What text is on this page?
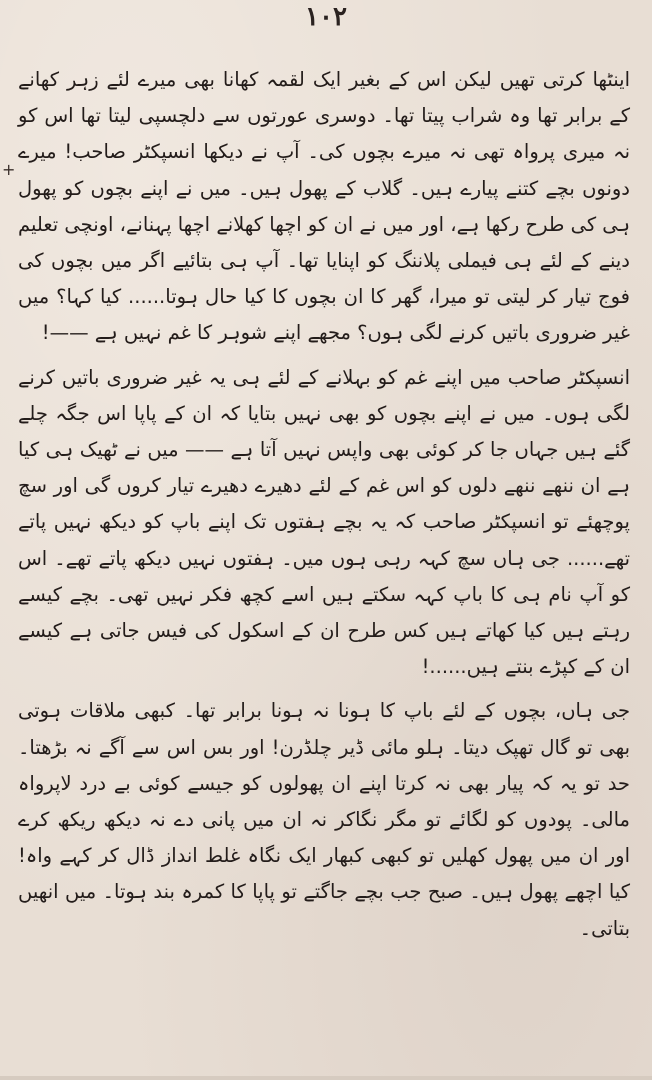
۱۰۲
+

اینٹھا کرتی تھیں لیکن اس کے بغیر ایک لقمہ کھانا بھی میرے لئے زہر کھانے کے برابر تھا وہ شراب پیتا تھا۔ دوسری عورتوں سے دلچسپی لیتا تھا اس کو نہ میری پرواہ تھی نہ میرے بچوں کی۔ آپ نے دیکھا انسپکٹر صاحب! میرے دونوں بچے کتنے پیارے ہیں۔ گلاب کے پھول ہیں۔ میں نے اپنے بچوں کو پھول ہی کی طرح رکھا ہے، اور میں نے ان کو اچھا کھلانے اچھا پہنانے، اونچی تعلیم دینے کے لئے ہی فیملی پلاننگ کو اپنایا تھا۔ آپ ہی بتائیے اگر میں بچوں کی فوج تیار کر لیتی تو میرا، گھر کا ان بچوں کا کیا حال ہوتا...... کیا کہا؟ میں غیر ضروری باتیں کرنے لگی ہوں؟ مجھے اپنے شوہر کا غم نہیں ہے ——!

انسپکٹر صاحب میں اپنے غم کو بہلانے کے لئے ہی یہ غیر ضروری باتیں کرنے لگی ہوں۔ میں نے اپنے بچوں کو بھی نہیں بتایا کہ ان کے پاپا اس جگہ چلے گئے ہیں جہاں جا کر کوئی بھی واپس نہیں آتا ہے —— میں نے ٹھیک ہی کیا ہے ان ننھے ننھے دلوں کو اس غم کے لئے دھیرے دھیرے تیار کروں گی اور سچ پوچھئے تو انسپکٹر صاحب کہ یہ بچے ہفتوں تک اپنے باپ کو دیکھ نہیں پاتے تھے...... جی ہاں سچ کہہ رہی ہوں میں۔ ہفتوں نہیں دیکھ پاتے تھے۔ اس کو آپ نام ہی کا باپ کہہ سکتے ہیں اسے کچھ فکر نہیں تھی۔ بچے کیسے رہتے ہیں کیا کھاتے ہیں کس طرح ان کے اسکول کی فیس جاتی ہے کیسے ان کے کپڑے بنتے ہیں......!

جی ہاں، بچوں کے لئے باپ کا ہونا نہ ہونا برابر تھا۔ کبھی ملاقات ہوتی بھی تو گال تھپک دیتا۔ ہلو مائی ڈیر چلڈرن! اور بس اس سے آگے نہ بڑھتا۔ حد تو یہ کہ پیار بھی نہ کرتا اپنے ان پھولوں کو جیسے کوئی بے درد لاپرواہ مالی۔ پودوں کو لگائے تو مگر نگاکر نہ ان میں پانی دے نہ دیکھ ریکھ کرے اور ان میں پھول کھلیں تو کبھی کبھار ایک نگاہ غلط انداز ڈال کر کہے واہ! کیا اچھے پھول ہیں۔ صبح جب بچے جاگتے تو پاپا کا کمرہ بند ہوتا۔ میں انھیں بتاتی۔
